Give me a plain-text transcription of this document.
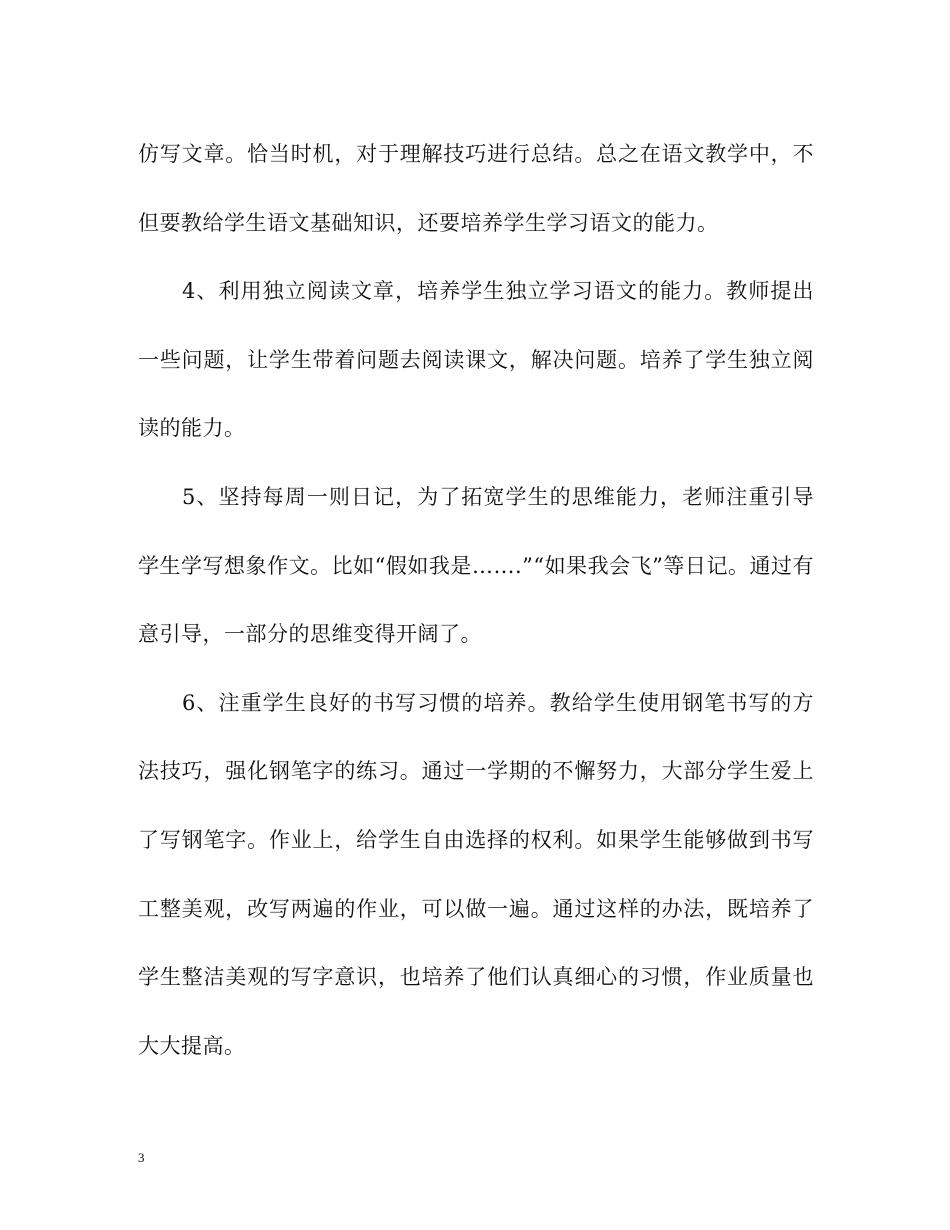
仿写文章。恰当时机，对于理解技巧进行总结。总之在语文教学中，不但要教给学生语文基础知识，还要培养学生学习语文的能力。

4、利用独立阅读文章，培养学生独立学习语文的能力。教师提出一些问题，让学生带着问题去阅读课文，解决问题。培养了学生独立阅读的能力。

5、坚持每周一则日记，为了拓宽学生的思维能力，老师注重引导学生学写想象作文。比如“假如我是…….”“如果我会飞”等日记。通过有意引导，一部分的思维变得开阔了。

6、注重学生良好的书写习惯的培养。教给学生使用钢笔书写的方法技巧，强化钢笔字的练习。通过一学期的不懈努力，大部分学生爱上了写钢笔字。作业上，给学生自由选择的权利。如果学生能够做到书写工整美观，改写两遍的作业，可以做一遍。通过这样的办法，既培养了学生整洁美观的写字意识，也培养了他们认真细心的习惯，作业质量也大大提高。

3
